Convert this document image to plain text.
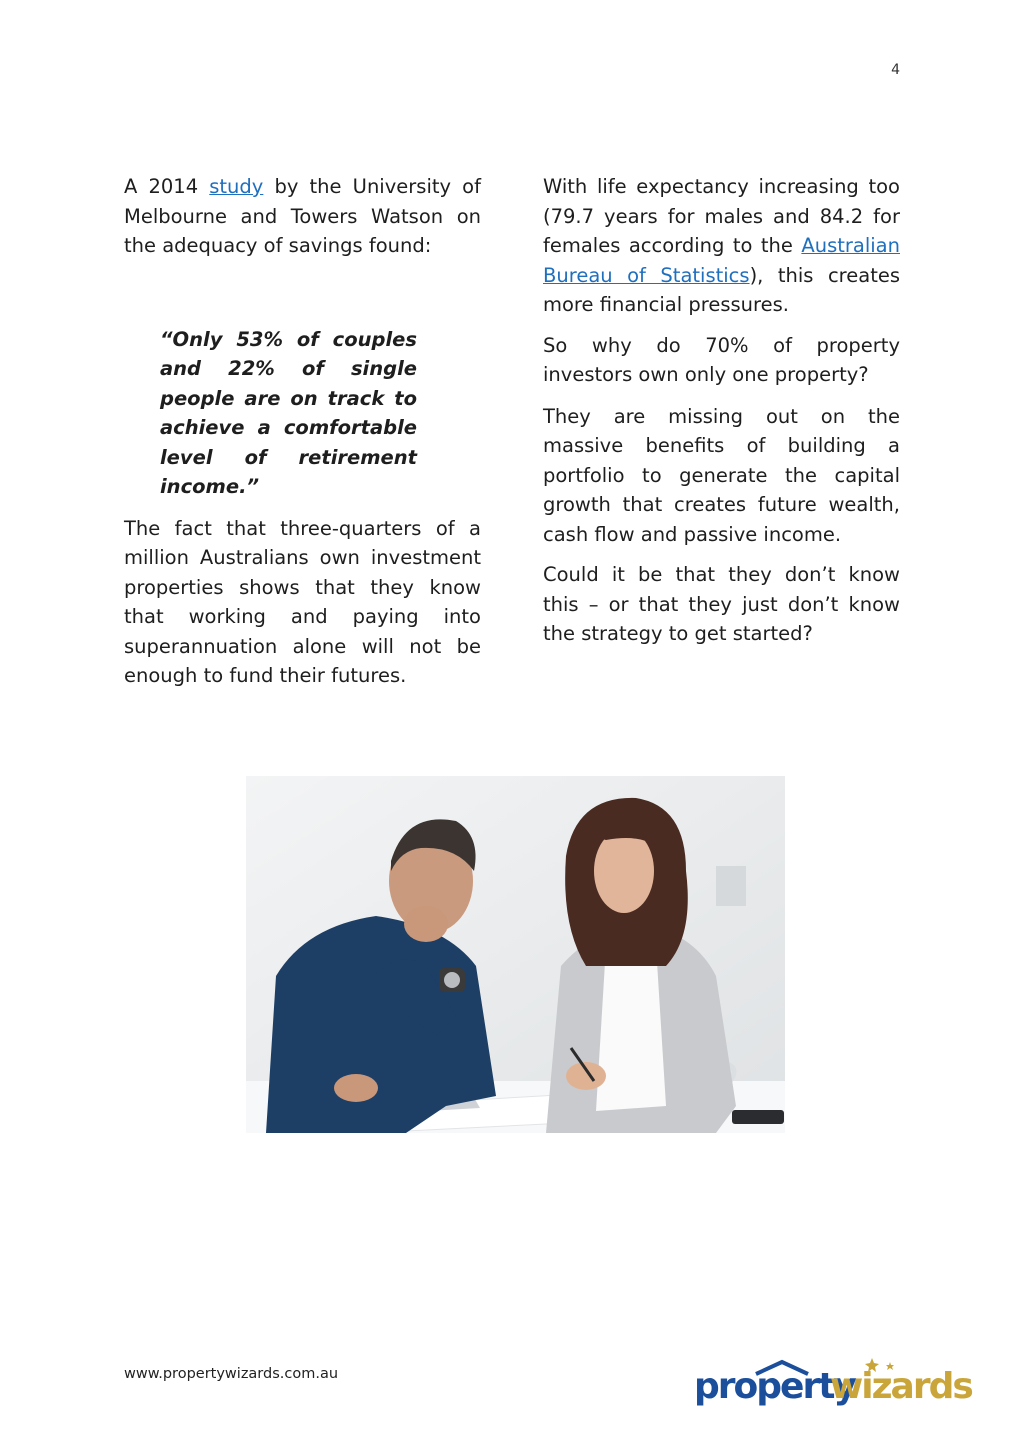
4

A 2014 study by the University of Melbourne and Towers Watson on the adequacy of savings found:

“Only 53% of couples and 22% of single people are on track to achieve a comfortable level of retirement income.”

The fact that three-quarters of a million Australians own investment properties shows that they know that working and paying into superannuation alone will not be enough to fund their futures.

With life expectancy increasing too (79.7 years for males and 84.2 for females according to the Australian Bureau of Statistics), this creates more financial pressures.

So why do 70% of property investors own only one property?

They are missing out on the massive benefits of building a portfolio to generate the capital growth that creates future wealth, cash flow and passive income.

Could it be that they don’t know this – or that they just don’t know the strategy to get started?

www.propertywizards.com.au	property
wizards
